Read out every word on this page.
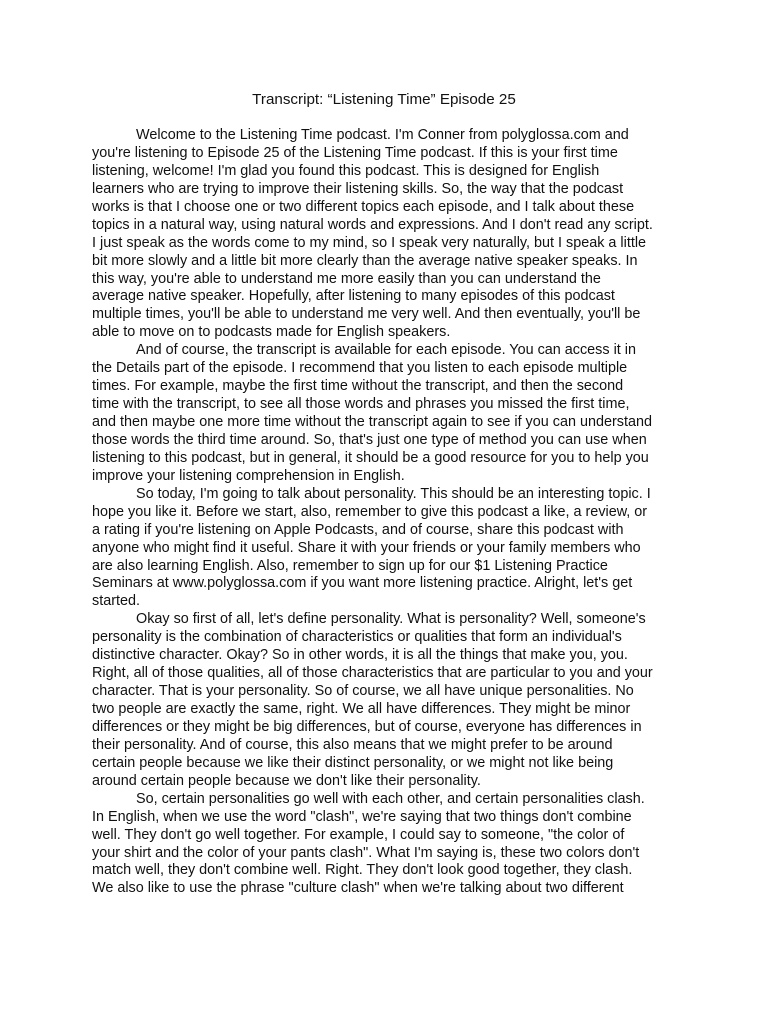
Transcript: “Listening Time” Episode 25
Welcome to the Listening Time podcast. I'm Conner from polyglossa.com and
you're listening to Episode 25 of the Listening Time podcast. If this is your first time
listening, welcome! I'm glad you found this podcast. This is designed for English
learners who are trying to improve their listening skills. So, the way that the podcast
works is that I choose one or two different topics each episode, and I talk about these
topics in a natural way, using natural words and expressions. And I don't read any script.
I just speak as the words come to my mind, so I speak very naturally, but I speak a little
bit more slowly and a little bit more clearly than the average native speaker speaks. In
this way, you're able to understand me more easily than you can understand the
average native speaker. Hopefully, after listening to many episodes of this podcast
multiple times, you'll be able to understand me very well. And then eventually, you'll be
able to move on to podcasts made for English speakers.
And of course, the transcript is available for each episode. You can access it in
the Details part of the episode. I recommend that you listen to each episode multiple
times. For example, maybe the first time without the transcript, and then the second
time with the transcript, to see all those words and phrases you missed the first time,
and then maybe one more time without the transcript again to see if you can understand
those words the third time around. So, that's just one type of method you can use when
listening to this podcast, but in general, it should be a good resource for you to help you
improve your listening comprehension in English.
So today, I'm going to talk about personality. This should be an interesting topic. I
hope you like it. Before we start, also, remember to give this podcast a like, a review, or
a rating if you're listening on Apple Podcasts, and of course, share this podcast with
anyone who might find it useful. Share it with your friends or your family members who
are also learning English. Also, remember to sign up for our $1 Listening Practice
Seminars at www.polyglossa.com if you want more listening practice. Alright, let's get
started.
Okay so first of all, let's define personality. What is personality? Well, someone's
personality is the combination of characteristics or qualities that form an individual's
distinctive character. Okay? So in other words, it is all the things that make you, you.
Right, all of those qualities, all of those characteristics that are particular to you and your
character. That is your personality. So of course, we all have unique personalities. No
two people are exactly the same, right. We all have differences. They might be minor
differences or they might be big differences, but of course, everyone has differences in
their personality. And of course, this also means that we might prefer to be around
certain people because we like their distinct personality, or we might not like being
around certain people because we don't like their personality.
So, certain personalities go well with each other, and certain personalities clash.
In English, when we use the word "clash", we're saying that two things don't combine
well. They don't go well together. For example, I could say to someone, "the color of
your shirt and the color of your pants clash". What I'm saying is, these two colors don't
match well, they don't combine well. Right. They don't look good together, they clash.
We also like to use the phrase "culture clash" when we're talking about two different
